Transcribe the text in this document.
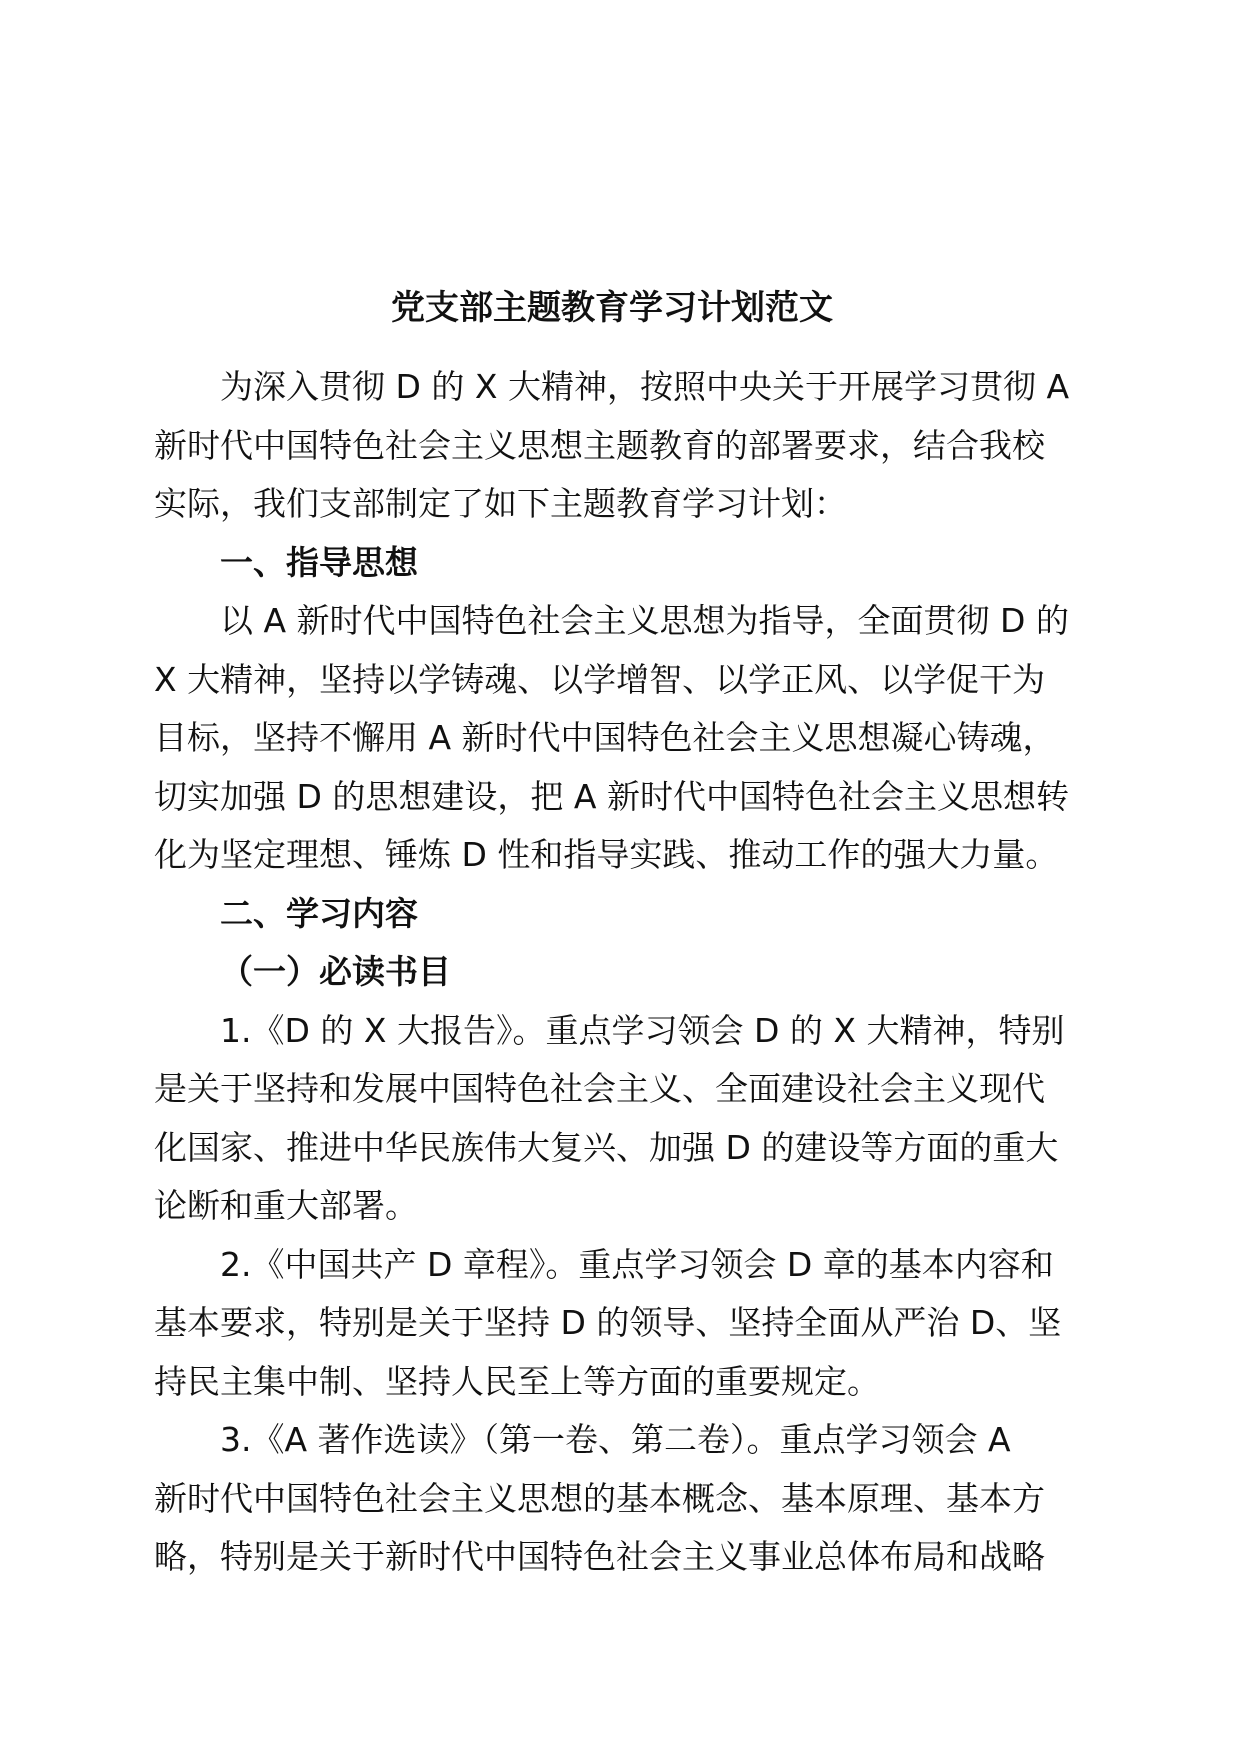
党支部主题教育学习计划范文

为深入贯彻 D 的 X 大精神，按照中央关于开展学习贯彻 A
新时代中国特色社会主义思想主题教育的部署要求，结合我校
实际，我们支部制定了如下主题教育学习计划：

一、指导思想

以 A 新时代中国特色社会主义思想为指导，全面贯彻 D 的
X 大精神，坚持以学铸魂、以学增智、以学正风、以学促干为
目标，坚持不懈用 A 新时代中国特色社会主义思想凝心铸魂，
切实加强 D 的思想建设，把 A 新时代中国特色社会主义思想转
化为坚定理想、锤炼 D 性和指导实践、推动工作的强大力量。

二、学习内容
（一）必读书目

1.《D 的 X 大报告》。重点学习领会 D 的 X 大精神，特别
是关于坚持和发展中国特色社会主义、全面建设社会主义现代
化国家、推进中华民族伟大复兴、加强 D 的建设等方面的重大
论断和重大部署。

2.《中国共产 D 章程》。重点学习领会 D 章的基本内容和
基本要求，特别是关于坚持 D 的领导、坚持全面从严治 D、坚
持民主集中制、坚持人民至上等方面的重要规定。

3.《A 著作选读》（第一卷、第二卷）。重点学习领会 A
新时代中国特色社会主义思想的基本概念、基本原理、基本方
略，特别是关于新时代中国特色社会主义事业总体布局和战略
